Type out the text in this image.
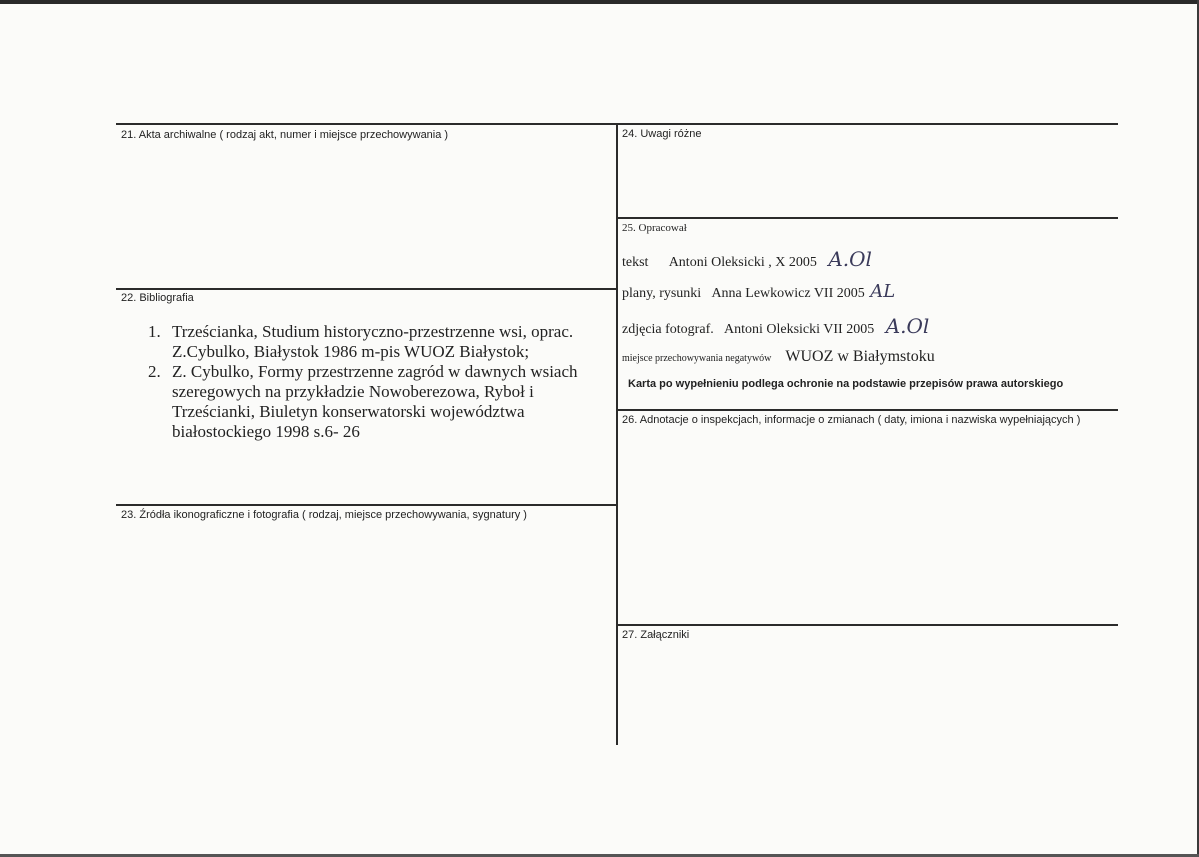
21. Akta archiwalne ( rodzaj akt, numer i miejsce przechowywania )
22. Bibliografia
23. Źródła ikonograficzne i fotografia ( rodzaj, miejsce przechowywania, sygnatury )
1. Trześcianka, Studium historyczno-przestrzenne wsi, oprac. Z.Cybulko, Białystok 1986 m-pis WUOZ Białystok;
2. Z. Cybulko, Formy przestrzenne zagród w dawnych wsiach szeregowych na przykładzie Nowoberezowa, Ryboł i Trześcianki, Biuletyn konserwatorski województwa białostockiego 1998 s.6- 26
24. Uwagi różne
25. Opracował
tekst Antoni Oleksicki , X 2005 A.Ol
plany, rysunki Anna Lewkowicz VII 2005 AL
zdjęcia fotograf. Antoni Oleksicki VII 2005 A.Ol
miejsce przechowywania negatywów WUOZ w Białymstoku
Karta po wypełnieniu podlega ochronie na podstawie przepisów prawa autorskiego
26. Adnotacje o inspekcjach, informacje o zmianach ( daty, imiona i nazwiska wypełniających )
27. Załączniki
